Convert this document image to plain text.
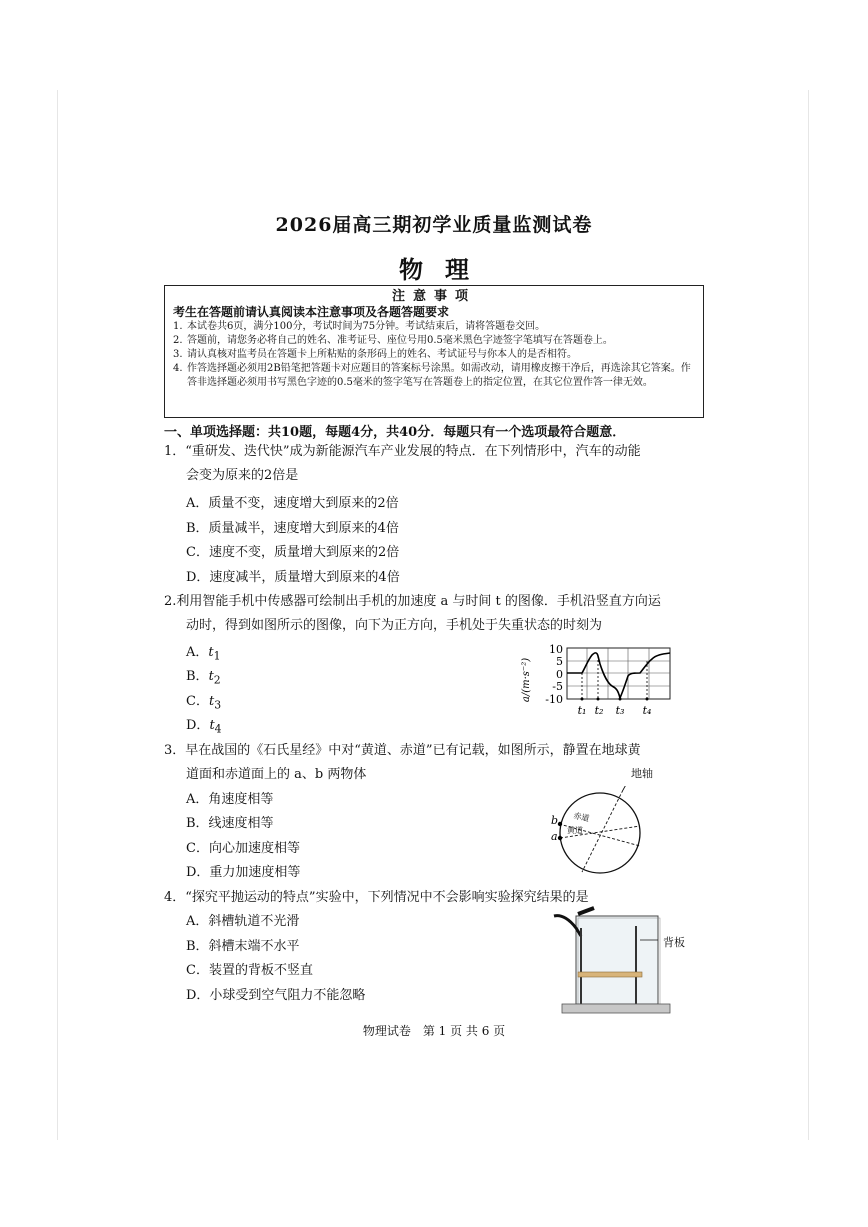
2026届高三期初学业质量监测试卷
物理
注意事项
考生在答题前请认真阅读本注意事项及各题答题要求
1. 本试卷共6页，满分100分，考试时间为75分钟。考试结束后，请将答题卷交回。
2. 答题前，请您务必将自己的姓名、准考证号、座位号用0.5毫米黑色字迹签字笔填写在答题卷上。
3. 请认真核对监考员在答题卡上所粘贴的条形码上的姓名、考试证号与你本人的是否相符。
4. 作答选择题必须用2B铅笔把答题卡对应题目的答案标号涂黑。如需改动，请用橡皮擦干净后，再选涂其它答案。作答非选择题必须用书写黑色字迹的0.5毫米的签字笔写在答题卷上的指定位置，在其它位置作答一律无效。
一、单项选择题：共10题，每题4分，共40分．每题只有一个选项最符合题意．
1．“重研发、迭代快”成为新能源汽车产业发展的特点．在下列情形中，汽车的动能
会变为原来的2倍是
A．质量不变，速度增大到原来的2倍
B．质量减半，速度增大到原来的4倍
C．速度不变，质量增大到原来的2倍
D．速度减半，质量增大到原来的4倍
2.利用智能手机中传感器可绘制出手机的加速度 a 与时间 t 的图像．手机沿竖直方向运
动时，得到如图所示的图像，向下为正方向，手机处于失重状态的时刻为
A．$t_1$
B．$t_2$
C．$t_3$
D．$t_4$
a/(m·s⁻²)
10
5
0
-5
-10
t₁ t₂ t₃ t₄
3．早在战国的《石氏星经》中对“黄道、赤道”已有记载，如图所示，静置在地球黄
道面和赤道面上的 a、b 两物体
A．角速度相等
B．线速度相等
C．向心加速度相等
D．重力加速度相等
b
a
赤道
黄道
地轴
4．“探究平抛运动的特点”实验中，下列情况中不会影响实验探究结果的是
A．斜槽轨道不光滑
B．斜槽末端不水平
C．装置的背板不竖直
D．小球受到空气阻力不能忽略
背板
物理试卷　第 1 页 共 6 页
